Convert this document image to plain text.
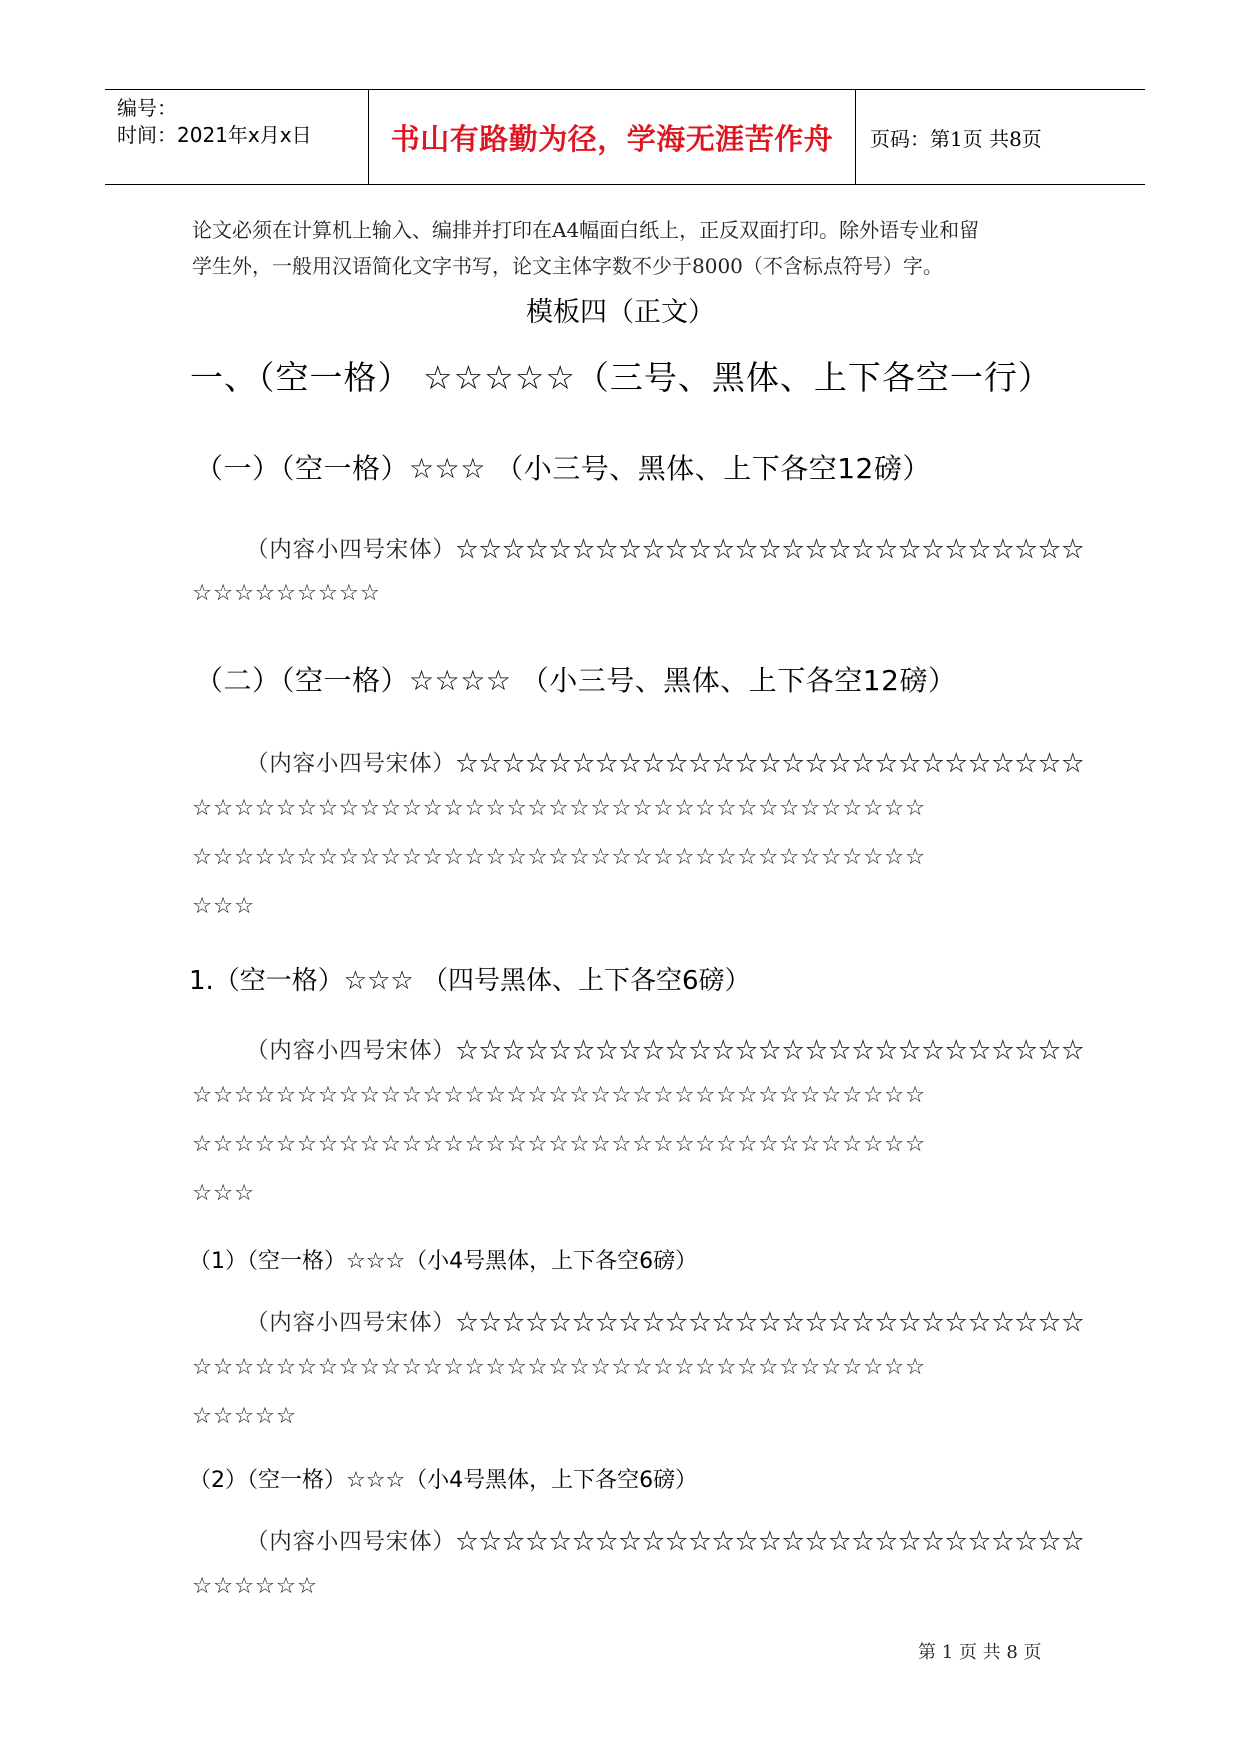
编号：
时间：2021年x月x日	书山有路勤为径，学海无涯苦作舟 页码：第1页 共8页
论文必须在计算机上输入、编排并打印在A4幅面白纸上，正反双面打印。除外语专业和留
学生外，一般用汉语简化文字书写，论文主体字数不少于8000（不含标点符号）字。
模板四（正文）
一、（空一格） ☆☆☆☆☆（三号、黑体、上下各空一行）
（一）（空一格）☆☆☆ （小三号、黑体、上下各空12磅）
（内容小四号宋体）☆☆☆☆☆☆☆☆☆☆☆☆☆☆☆☆☆☆☆☆☆☆☆☆☆☆☆
☆☆☆☆☆☆☆☆☆
（二）（空一格）☆☆☆☆ （小三号、黑体、上下各空12磅）
（内容小四号宋体）☆☆☆☆☆☆☆☆☆☆☆☆☆☆☆☆☆☆☆☆☆☆☆☆☆☆☆
☆☆☆☆☆☆☆☆☆☆☆☆☆☆☆☆☆☆☆☆☆☆☆☆☆☆☆☆☆☆☆☆☆☆☆
☆☆☆☆☆☆☆☆☆☆☆☆☆☆☆☆☆☆☆☆☆☆☆☆☆☆☆☆☆☆☆☆☆☆☆
☆☆☆
1.（空一格）☆☆☆ （四号黑体、上下各空6磅）
（内容小四号宋体）☆☆☆☆☆☆☆☆☆☆☆☆☆☆☆☆☆☆☆☆☆☆☆☆☆☆☆
☆☆☆☆☆☆☆☆☆☆☆☆☆☆☆☆☆☆☆☆☆☆☆☆☆☆☆☆☆☆☆☆☆☆☆
☆☆☆☆☆☆☆☆☆☆☆☆☆☆☆☆☆☆☆☆☆☆☆☆☆☆☆☆☆☆☆☆☆☆☆
☆☆☆
（1）（空一格）☆☆☆（小4号黑体，上下各空6磅）
（内容小四号宋体）☆☆☆☆☆☆☆☆☆☆☆☆☆☆☆☆☆☆☆☆☆☆☆☆☆☆☆
☆☆☆☆☆☆☆☆☆☆☆☆☆☆☆☆☆☆☆☆☆☆☆☆☆☆☆☆☆☆☆☆☆☆☆
☆☆☆☆☆
（2）（空一格）☆☆☆（小4号黑体，上下各空6磅）
（内容小四号宋体）☆☆☆☆☆☆☆☆☆☆☆☆☆☆☆☆☆☆☆☆☆☆☆☆☆☆☆
☆☆☆☆☆☆
第 1 页 共 8 页
